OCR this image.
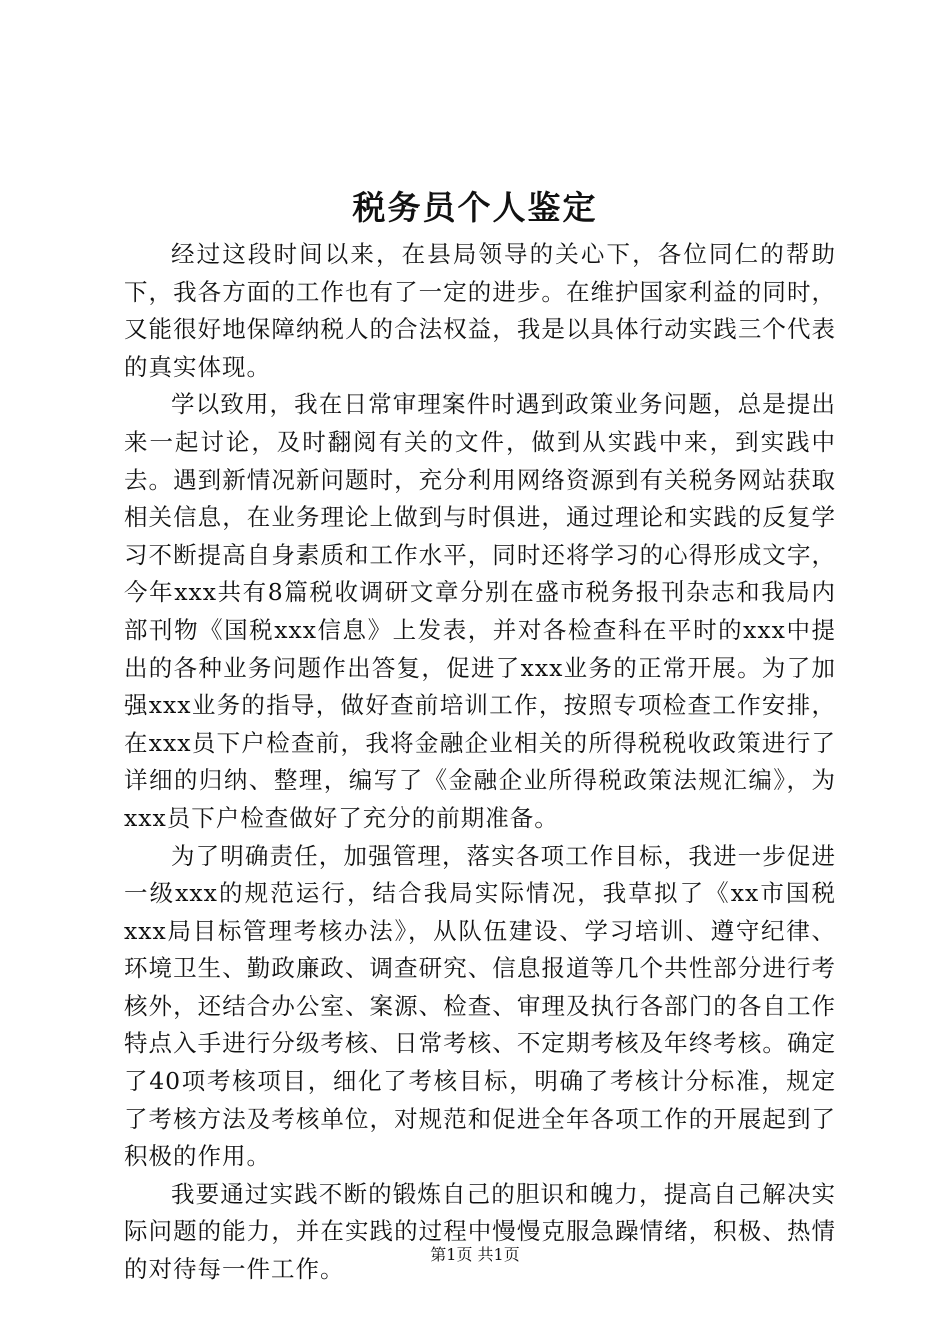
税务员个人鉴定

经过这段时间以来，在县局领导的关心下，各位同仁的帮助下，我各方面的工作也有了一定的进步。在维护国家利益的同时，又能很好地保障纳税人的合法权益，我是以具体行动实践三个代表的真实体现。

学以致用，我在日常审理案件时遇到政策业务问题，总是提出来一起讨论，及时翻阅有关的文件，做到从实践中来，到实践中去。遇到新情况新问题时，充分利用网络资源到有关税务网站获取相关信息，在业务理论上做到与时俱进，通过理论和实践的反复学习不断提高自身素质和工作水平，同时还将学习的心得形成文字，今年xxx共有8篇税收调研文章分别在盛市税务报刊杂志和我局内部刊物《国税xxx信息》上发表，并对各检查科在平时的xxx中提出的各种业务问题作出答复，促进了xxx业务的正常开展。为了加强xxx业务的指导，做好查前培训工作，按照专项检查工作安排，在xxx员下户检查前，我将金融企业相关的所得税税收政策进行了详细的归纳、整理，编写了《金融企业所得税政策法规汇编》，为xxx员下户检查做好了充分的前期准备。

为了明确责任，加强管理，落实各项工作目标，我进一步促进一级xxx的规范运行，结合我局实际情况，我草拟了《xx市国税xxx局目标管理考核办法》，从队伍建设、学习培训、遵守纪律、环境卫生、勤政廉政、调查研究、信息报道等几个共性部分进行考核外，还结合办公室、案源、检查、审理及执行各部门的各自工作特点入手进行分级考核、日常考核、不定期考核及年终考核。确定了40项考核项目，细化了考核目标，明确了考核计分标准，规定了考核方法及考核单位，对规范和促进全年各项工作的开展起到了积极的作用。

我要通过实践不断的锻炼自己的胆识和魄力，提高自己解决实际问题的能力，并在实践的过程中慢慢克服急躁情绪，积极、热情的对待每一件工作。

第1页 共1页
